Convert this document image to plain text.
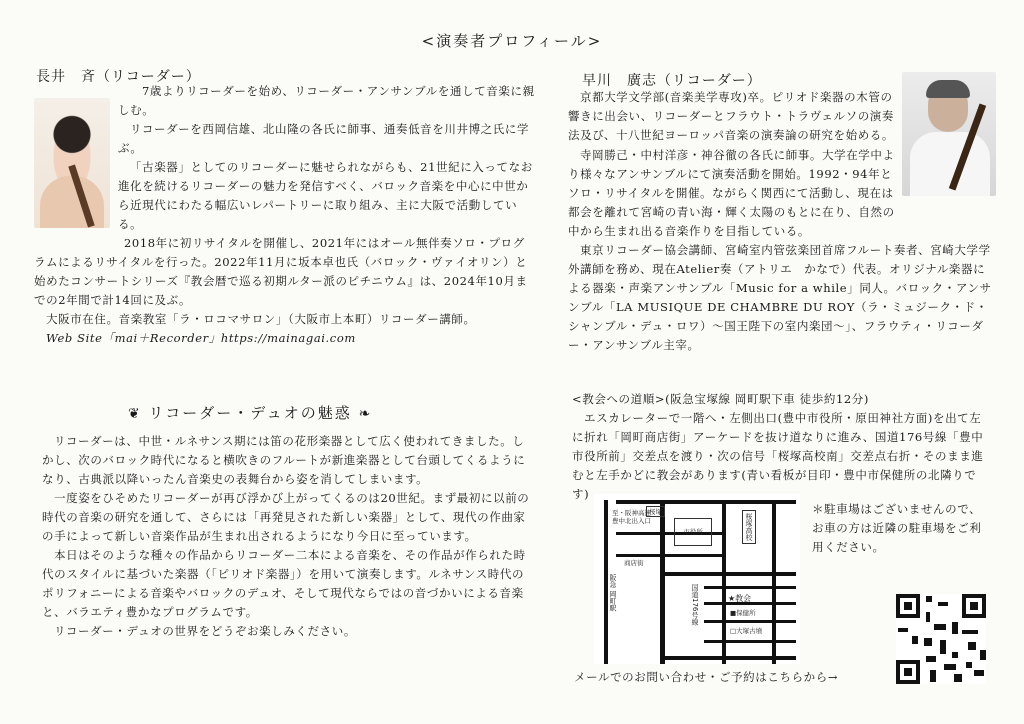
<演奏者プロフィール>
長井　斉（リコーダー）

7歳よりリコーダーを始め、リコーダー・アンサンブルを通して音楽に親しむ。

リコーダーを西岡信雄、北山隆の各氏に師事、通奏低音を川井博之氏に学ぶ。

「古楽器」としてのリコーダーに魅せられながらも、21世紀に入ってなお進化を続けるリコーダーの魅力を発信すべく、バロック音楽を中心に中世から近現代にわたる幅広いレパートリーに取り組み、主に大阪で活動している。

2018年に初リサイタルを開催し、2021年にはオール無伴奏ソロ・プログラムによるリサイタルを行った。2022年11月に坂本卓也氏（バロック・ヴァイオリン）と始めたコンサートシリーズ『教会暦で巡る初期ルター派のピチニウム』は、2024年10月までの2年間で計14回に及ぶ。

大阪市在住。音楽教室「ラ・ロコマサロン」（大阪市上本町）リコーダー講師。

Web Site「mai＋Recorder」https://mainagai.com

早川　廣志（リコーダー）

京都大学文学部(音楽美学専攻)卒。ピリオド楽器の木管の響きに出会い、リコーダーとフラウト・トラヴェルソの演奏法及び、十八世紀ヨーロッパ音楽の演奏論の研究を始める。

寺岡勝己・中村洋彦・神谷徹の各氏に師事。大学在学中より様々なアンサンブルにて演奏活動を開始。1992・94年とソロ・リサイタルを開催。ながらく関西にて活動し、現在は都会を離れて宮崎の青い海・輝く太陽のもとに在り、自然の中から生まれ出る音楽作りを目指している。

東京リコーダー協会講師、宮崎室内管弦楽団首席フルート奏者、宮崎大学学外講師を務め、現在Atelier奏（アトリエ　かなで）代表。オリジナル楽器による器楽・声楽アンサンブル「Music for a while」同人。バロック・アンサンブル「LA MUSIQUE DE CHAMBRE DU ROY（ラ・ミュジーク・ド・シャンブル・デュ・ロワ）〜国王陛下の室内楽団〜」、フラウティ・リコーダー・アンサンブル主宰。

❦ リコーダー・デュオの魅惑 ❧

リコーダーは、中世・ルネサンス期には笛の花形楽器として広く使われてきました。しかし、次のバロック時代になると横吹きのフルートが新進楽器として台頭してくるようになり、古典派以降いったん音楽史の表舞台から姿を消してしまいます。

一度姿をひそめたリコーダーが再び浮かび上がってくるのは20世紀。まず最初に以前の時代の音楽の研究を通して、さらには「再発見された新しい楽器」として、現代の作曲家の手によって新しい音楽作品が生まれ出されるようになり今日に至っています。

本日はそのような種々の作品からリコーダー二本による音楽を、その作品が作られた時代のスタイルに基づいた楽器（「ピリオド楽器」）を用いて演奏します。ルネサンス時代のポリフォニーによる音楽やバロックのデュオ、そして現代ならではの音づかいによる音楽と、バラエティ豊かなプログラムです。

リコーダー・デュオの世界をどうぞお楽しみください。

<教会への道順>(阪急宝塚線 岡町駅下車 徒歩約12分)

エスカレーターで一階へ・左側出口(豊中市役所・原田神社方面)を出て左に折れ「岡町商店街」アーケードを抜け道なりに進み、国道176号線「豊中市役所前」交差点を渡り・次の信号「桜塚高校南」交差点右折・そのまま進むと左手かどに教会があります(青い看板が目印・豊中市保健所の北隣りです)

＊駐車場はございませんので、お車の方は近隣の駐車場をご利用ください。
至・阪神高速
豊中北出入口
桜塚
市役所	桜塚高校
商店街
国道176号線
阪急 岡町駅	★教会
■保健所
□大塚古墳
メールでのお問い合わせ・ご予約はこちらから→
